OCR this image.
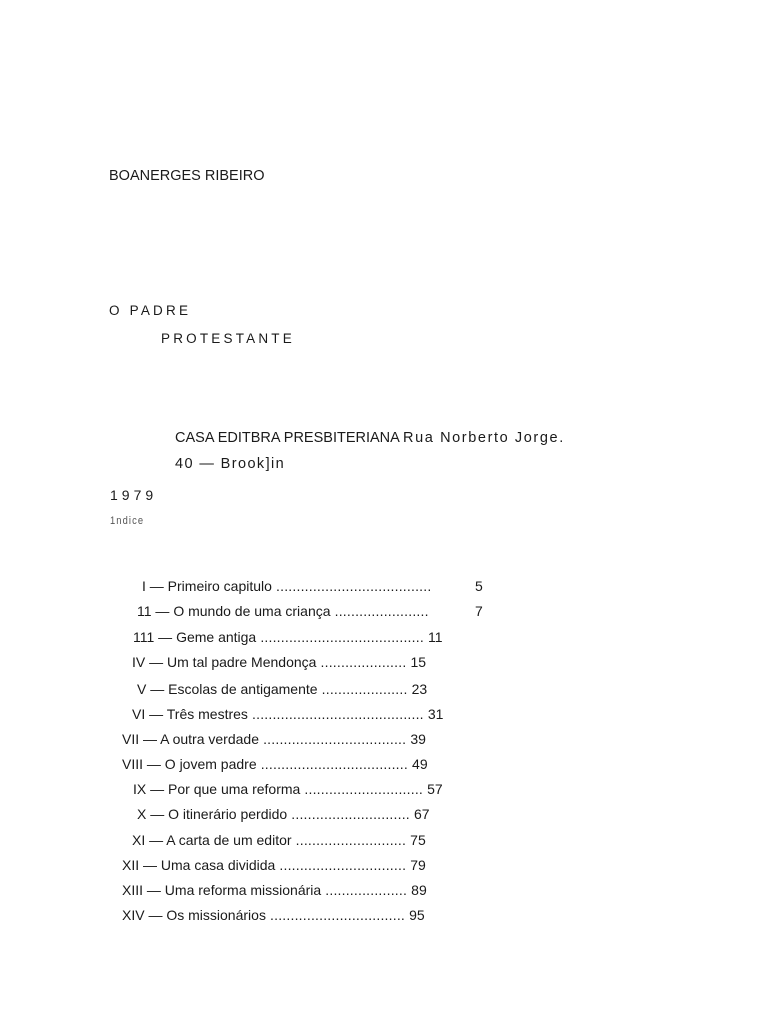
BOANERGES RIBEIRO
O PADRE
PROTESTANTE
CASA EDITBRA PRESBITERIANA Rua Norberto Jorge.
40 — Brook]in
1979
1ndice
5
I — Primeiro capitulo ......................................
7
11 — O mundo de uma criança .......................
111 — Geme antiga ........................................ 11
IV — Um tal padre Mendonça ..................... 15
V — Escolas de antigamente ..................... 23
VI — Três mestres .......................................... 31
VII — A outra verdade ................................... 39
VIII — O jovem padre .................................... 49
IX — Por que uma reforma ............................. 57
X — O itinerário perdido ............................. 67
XI — A carta de um editor ........................... 75
XII — Uma casa dividida ............................... 79
XIII — Uma reforma missionária .................... 89
XIV — Os missionários ................................. 95
